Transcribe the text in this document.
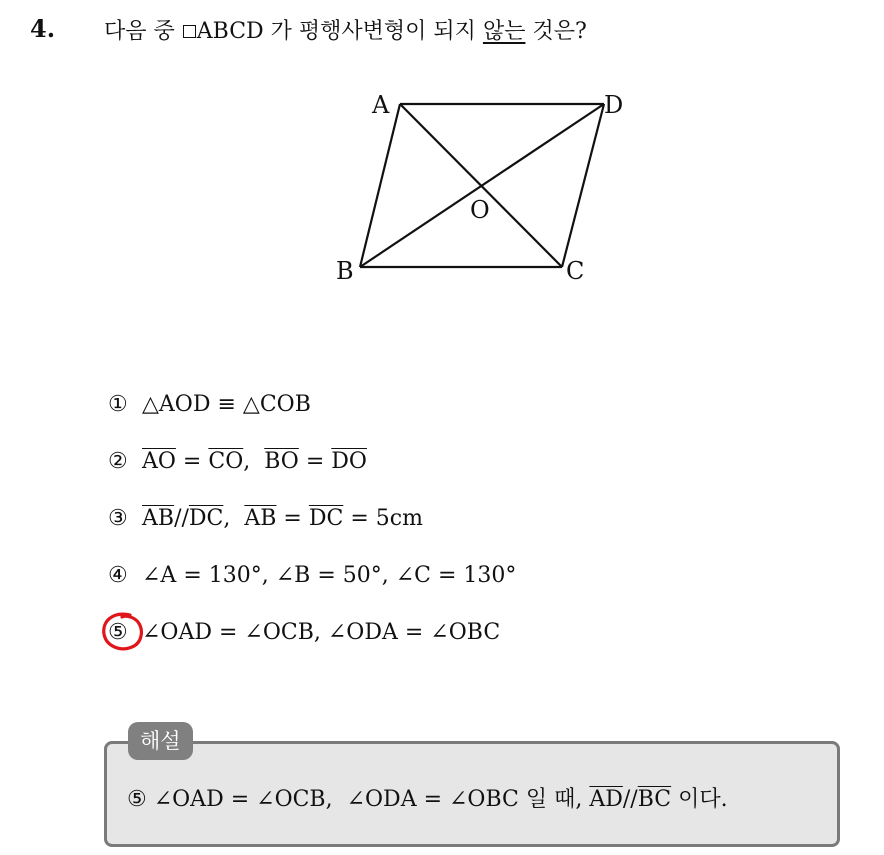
4. 다음 중 ABCD 가 평행사변형이 되지 않는 것은?
A	D
B	C
O
① △AOD ≡ △COB
② $\overline{AO} = \overline{CO}$ , $\overline{BO} = \overline{DO}$
③ $\overline{AB} // \overline{DC}$ , $\overline{AB} = \overline{DC} = 5cm$
④ ∠A = 130°, ∠B = 50°, ∠C = 130°
⑤ ∠OAD = ∠OCB, ∠ODA = ∠OBC
⑤ ∠OAD = ∠OCB,  ∠ODA = ∠OBC 일 때, $\overline{AD}//\overline{BC}$ 이다.
해설
